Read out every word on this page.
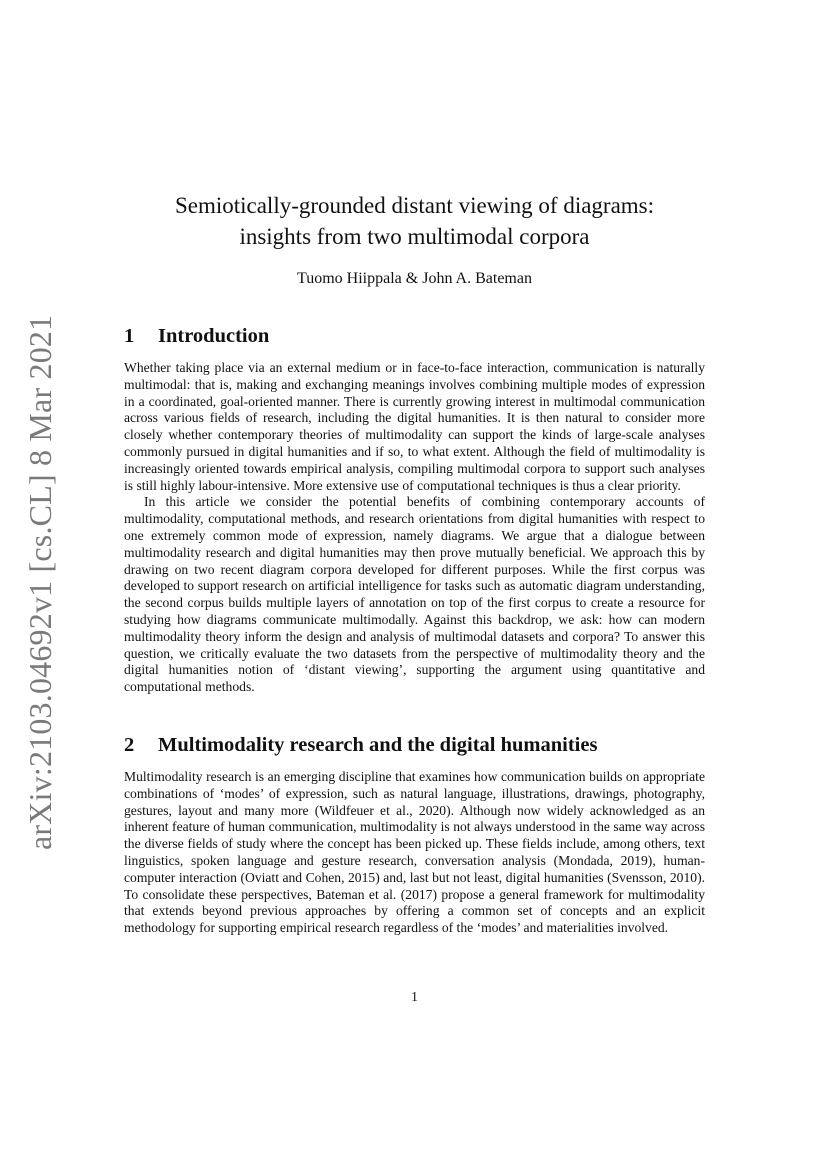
arXiv:2103.04692v1 [cs.CL] 8 Mar 2021
Semiotically-grounded distant viewing of diagrams:
insights from two multimodal corpora
Tuomo Hiippala & John A. Bateman
1 Introduction

Whether taking place via an external medium or in face-to-face interaction, communication is naturally multimodal: that is, making and exchanging meanings involves combining multiple modes of expression in a coordinated, goal-oriented manner. There is currently growing interest in multimodal communication across various fields of research, including the digital humanities. It is then natural to consider more closely whether contemporary theories of multimodality can support the kinds of large-scale analyses commonly pursued in digital humanities and if so, to what extent. Although the field of multimodality is increasingly oriented towards empirical analysis, compiling multimodal corpora to support such analyses is still highly labour-intensive. More extensive use of computational techniques is thus a clear priority.

In this article we consider the potential benefits of combining contemporary accounts of multimodality, computational methods, and research orientations from digital humanities with respect to one extremely common mode of expression, namely diagrams. We argue that a dialogue between multimodality research and digital humanities may then prove mutually beneficial. We approach this by drawing on two recent diagram corpora developed for different purposes. While the first corpus was developed to support research on artificial intelligence for tasks such as automatic diagram understanding, the second corpus builds multiple layers of annotation on top of the first corpus to create a resource for studying how diagrams communicate multimodally. Against this backdrop, we ask: how can modern multimodality theory inform the design and analysis of multimodal datasets and corpora? To answer this question, we critically evaluate the two datasets from the perspective of multimodality theory and the digital humanities notion of ‘distant viewing’, supporting the argument using quantitative and computational methods.

2 Multimodality research and the digital humanities

Multimodality research is an emerging discipline that examines how communication builds on appropriate combinations of ‘modes’ of expression, such as natural language, illustrations, drawings, photography, gestures, layout and many more (Wildfeuer et al., 2020). Although now widely acknowledged as an inherent feature of human communication, multimodality is not always understood in the same way across the diverse fields of study where the concept has been picked up. These fields include, among others, text linguistics, spoken language and gesture research, conversation analysis (Mondada, 2019), human-computer interaction (Oviatt and Cohen, 2015) and, last but not least, digital humanities (Svensson, 2010). To consolidate these perspectives, Bateman et al. (2017) propose a general framework for multimodality that extends beyond previous approaches by offering a common set of concepts and an explicit methodology for supporting empirical research regardless of the ‘modes’ and materialities involved.

1
